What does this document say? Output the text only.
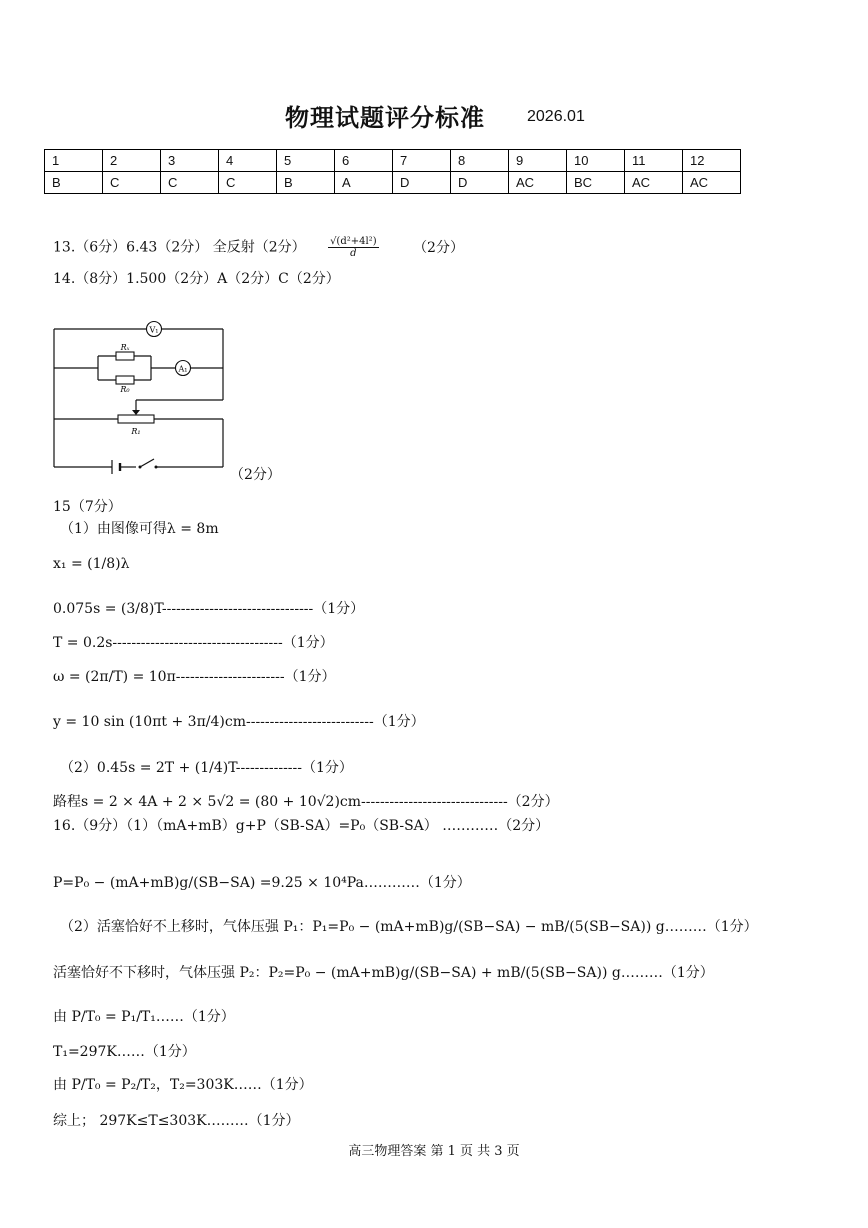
物理试题评分标准	2026.01
1	2	3	4	5	6	7	8	9	10	11	12
B	C	C	C	B	A	D	D	AC	BC	AC	AC
13.（6分）6.43（2分） 全反射（2分） $\frac{\text{√(d²+4l²)}}{d} (2$分）
14.（8分）1.500（2分）A（2分）C（2分）
V₁
A₁
Rₓ
R₀
R₁
（2分）
15（7分）
（1）由图像可得λ = 8m
x₁ = (1/8)λ
0.075s = (3/8)T--------------------------------（1分）
T = 0.2s------------------------------------（1分）
ω = (2π/T) = 10π-----------------------（1分）
y = 10 sin (10πt + 3π/4)cm---------------------------（1分）
（2）0.45s = 2T + (1/4)T--------------（1分）
路程s = 2 × 4A + 2 × 5√2 = (80 + 10√2)cm-------------------------------（2分）
16.（9分）（1）（mA+mB）g+P（SB-SA）=P₀（SB-SA） …………（2分）
P=P₀ − (mA+mB)g/(SB−SA) =9.25 × 10⁴Pa…………（1分）
（2）活塞恰好不上移时，气体压强 P₁：P₁=P₀ − (mA+mB)g/(SB−SA) − mB/(5(SB−SA)) g………（1分）
活塞恰好不下移时，气体压强 P₂：P₂=P₀ − (mA+mB)g/(SB−SA) + mB/(5(SB−SA)) g………（1分）
由 P/T₀ = P₁/T₁……（1分）
T₁=297K……（1分）
由 P/T₀ = P₂/T₂，T₂=303K……（1分）
综上； 297K≤T≤303K………（1分）
高三物理答案 第 1 页 共 3 页
